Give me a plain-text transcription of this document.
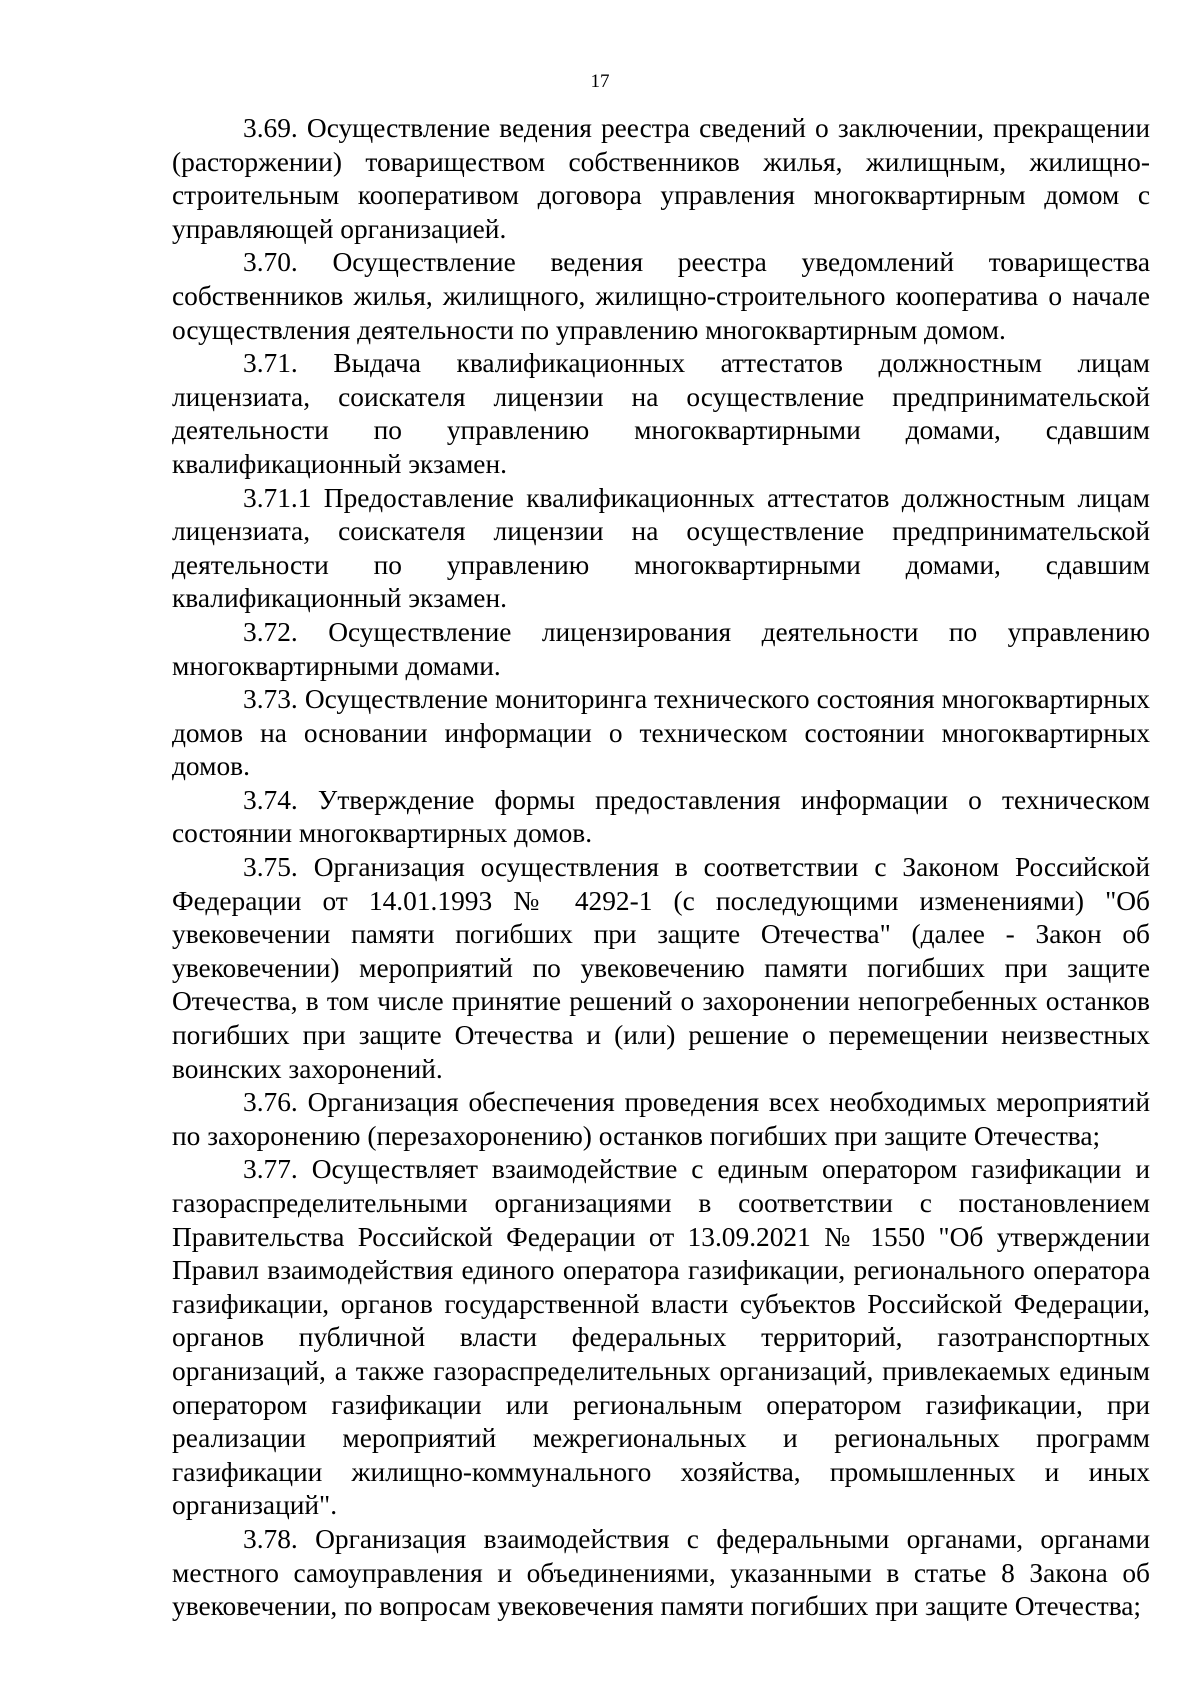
17

3.69. Осуществление ведения реестра сведений о заключении, прекращении (расторжении) товариществом собственников жилья, жилищным, жилищно-строительным кооперативом договора управления многоквартирным домом с управляющей организацией.

3.70. Осуществление ведения реестра уведомлений товарищества собственников жилья, жилищного, жилищно-строительного кооператива о начале осуществления деятельности по управлению многоквартирным домом.

3.71. Выдача квалификационных аттестатов должностным лицам лицензиата, соискателя лицензии на осуществление предпринимательской деятельности по управлению многоквартирными домами, сдавшим квалификационный экзамен.

3.71.1 Предоставление квалификационных аттестатов должностным лицам лицензиата, соискателя лицензии на осуществление предпринимательской деятельности по управлению многоквартирными домами, сдавшим квалификационный экзамен.

3.72. Осуществление лицензирования деятельности по управлению многоквартирными домами.

3.73. Осуществление мониторинга технического состояния многоквартирных домов на основании информации о техническом состоянии многоквартирных домов.

3.74. Утверждение формы предоставления информации о техническом состоянии многоквартирных домов.

3.75. Организация осуществления в соответствии с Законом Российской Федерации от 14.01.1993 № 4292-1 (с последующими изменениями) "Об увековечении памяти погибших при защите Отечества" (далее - Закон об увековечении) мероприятий по увековечению памяти погибших при защите Отечества, в том числе принятие решений о захоронении непогребенных останков погибших при защите Отечества и (или) решение о перемещении неизвестных воинских захоронений.

3.76. Организация обеспечения проведения всех необходимых мероприятий по захоронению (перезахоронению) останков погибших при защите Отечества;

3.77. Осуществляет взаимодействие с единым оператором газификации и газораспределительными организациями в соответствии с постановлением Правительства Российской Федерации от 13.09.2021 № 1550 "Об утверждении Правил взаимодействия единого оператора газификации, регионального оператора газификации, органов государственной власти субъектов Российской Федерации, органов публичной власти федеральных территорий, газотранспортных организаций, а также газораспределительных организаций, привлекаемых единым оператором газификации или региональным оператором газификации, при реализации мероприятий межрегиональных и региональных программ газификации жилищно-коммунального хозяйства, промышленных и иных организаций".

3.78. Организация взаимодействия с федеральными органами, органами местного самоуправления и объединениями, указанными в статье 8 Закона об увековечении, по вопросам увековечения памяти погибших при защите Отечества;
